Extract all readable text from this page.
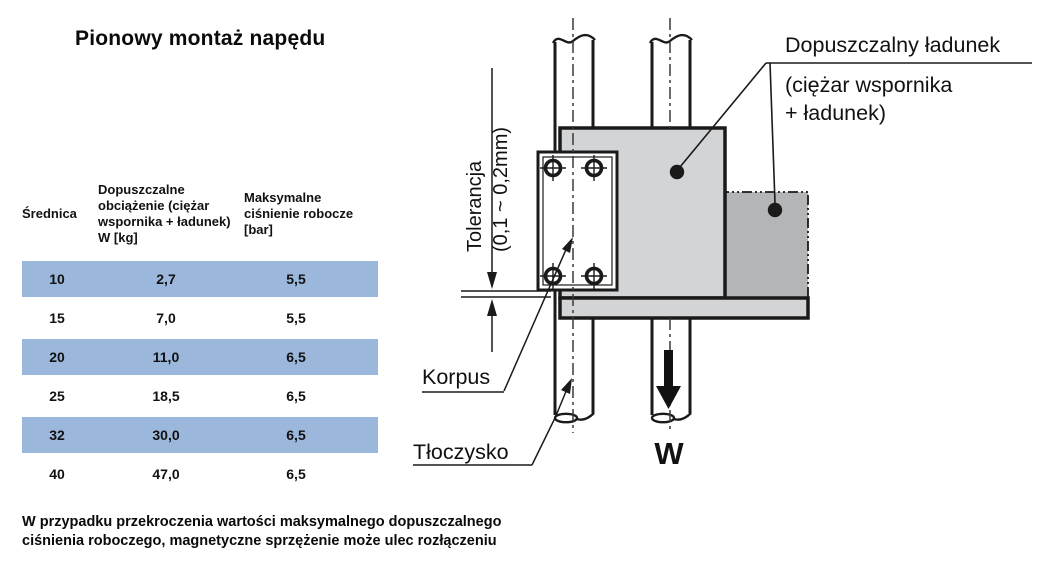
Pionowy montaż napędu
Średnica
Dopuszczalne obciążenie (ciężar wspornika + ładunek) W [kg]
Maksymalne ciśnienie robocze [bar]
10	2,7	5,5
15	7,0	5,5
20	11,0	6,5
25	18,5	6,5
32	30,0	6,5
40	47,0	6,5
W przypadku przekroczenia wartości maksymalnego dopuszczalnego
ciśnienia roboczego, magnetyczne sprzężenie może ulec rozłączeniu
Dopuszczalny ładunek
(ciężar wspornika
+ ładunek)
Tolerancja (0,1 ~ 0,2mm)
Korpus
Tłoczysko	W
